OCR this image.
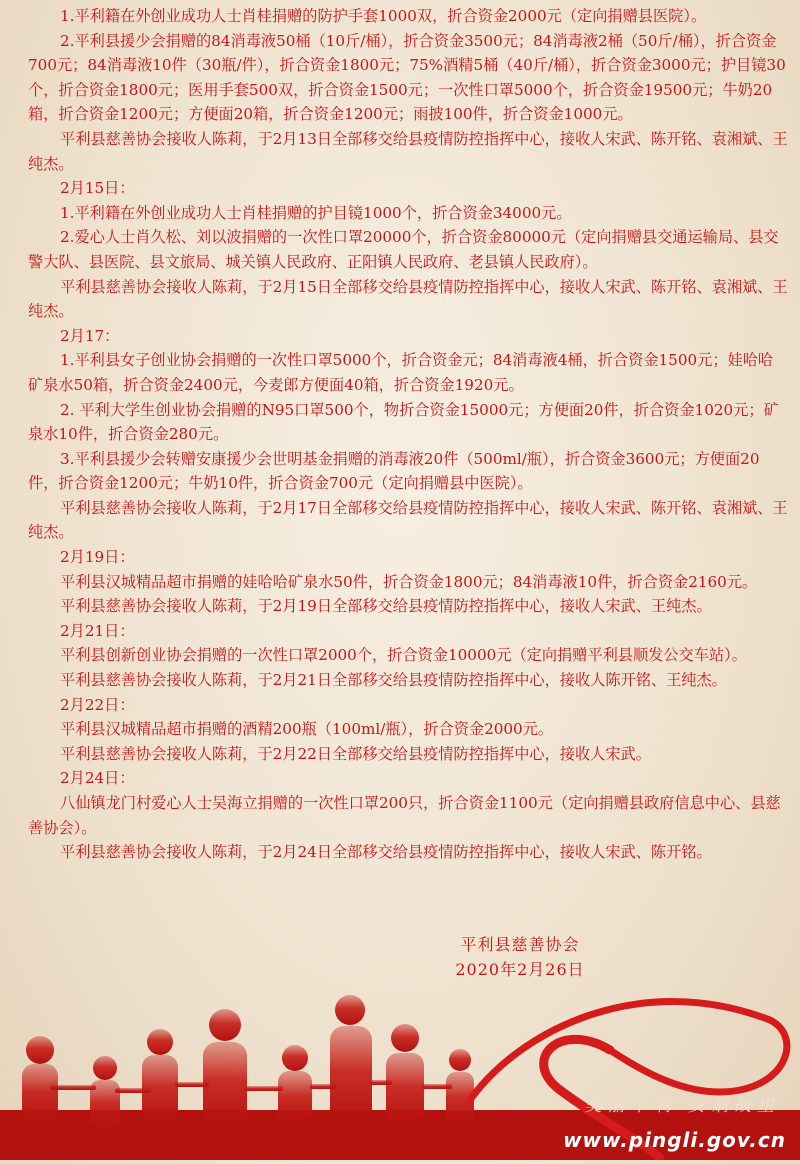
1.平利籍在外创业成功人士肖桂捐赠的防护手套1000双，折合资金2000元（定向捐赠县医院）。

2.平利县援少会捐赠的84消毒液50桶（10斤/桶），折合资金3500元；84消毒液2桶（50斤/桶），折合资金700元；84消毒液10件（30瓶/件），折合资金1800元；75%酒精5桶（40斤/桶），折合资金3000元；护目镜30个，折合资金1800元；医用手套500双，折合资金1500元；一次性口罩5000个，折合资金19500元；牛奶20箱，折合资金1200元；方便面20箱，折合资金1200元；雨披100件，折合资金1000元。

平利县慈善协会接收人陈莉，于2月13日全部移交给县疫情防控指挥中心，接收人宋武、陈开铭、袁湘斌、王纯杰。

2月15日：

1.平利籍在外创业成功人士肖桂捐赠的护目镜1000个，折合资金34000元。

2.爱心人士肖久松、刘以波捐赠的一次性口罩20000个，折合资金80000元（定向捐赠县交通运输局、县交警大队、县医院、县文旅局、城关镇人民政府、正阳镇人民政府、老县镇人民政府）。

平利县慈善协会接收人陈莉，于2月15日全部移交给县疫情防控指挥中心，接收人宋武、陈开铭、袁湘斌、王纯杰。

2月17：

1.平利县女子创业协会捐赠的一次性口罩5000个，折合资金元；84消毒液4桶，折合资金1500元；娃哈哈矿泉水50箱，折合资金2400元，今麦郎方便面40箱，折合资金1920元。

2. 平利大学生创业协会捐赠的N95口罩500个，物折合资金15000元；方便面20件，折合资金1020元；矿泉水10件，折合资金280元。

3.平利县援少会转赠安康援少会世明基金捐赠的消毒液20件（500ml/瓶），折合资金3600元；方便面20件，折合资金1200元；牛奶10件，折合资金700元（定向捐赠县中医院）。

平利县慈善协会接收人陈莉，于2月17日全部移交给县疫情防控指挥中心，接收人宋武、陈开铭、袁湘斌、王纯杰。

2月19日：

平利县汉城精品超市捐赠的娃哈哈矿泉水50件，折合资金1800元；84消毒液10件，折合资金2160元。

平利县慈善协会接收人陈莉，于2月19日全部移交给县疫情防控指挥中心，接收人宋武、王纯杰。

2月21日：

平利县创新创业协会捐赠的一次性口罩2000个，折合资金10000元（定向捐赠平利县顺发公交车站）。

平利县慈善协会接收人陈莉，于2月21日全部移交给县疫情防控指挥中心，接收人陈开铭、王纯杰。

2月22日：

平利县汉城精品超市捐赠的酒精200瓶（100ml/瓶），折合资金2000元。

平利县慈善协会接收人陈莉，于2月22日全部移交给县疫情防控指挥中心，接收人宋武。

2月24日：

八仙镇龙门村爱心人士吴海立捐赠的一次性口罩200只，折合资金1100元（定向捐赠县政府信息中心、县慈善协会）。

平利县慈善协会接收人陈莉，于2月24日全部移交给县疫情防控指挥中心，接收人宋武、陈开铭。

平利县慈善协会
2020年2月26日
美丽平利 女娲故里
www.pingli.gov.cn
